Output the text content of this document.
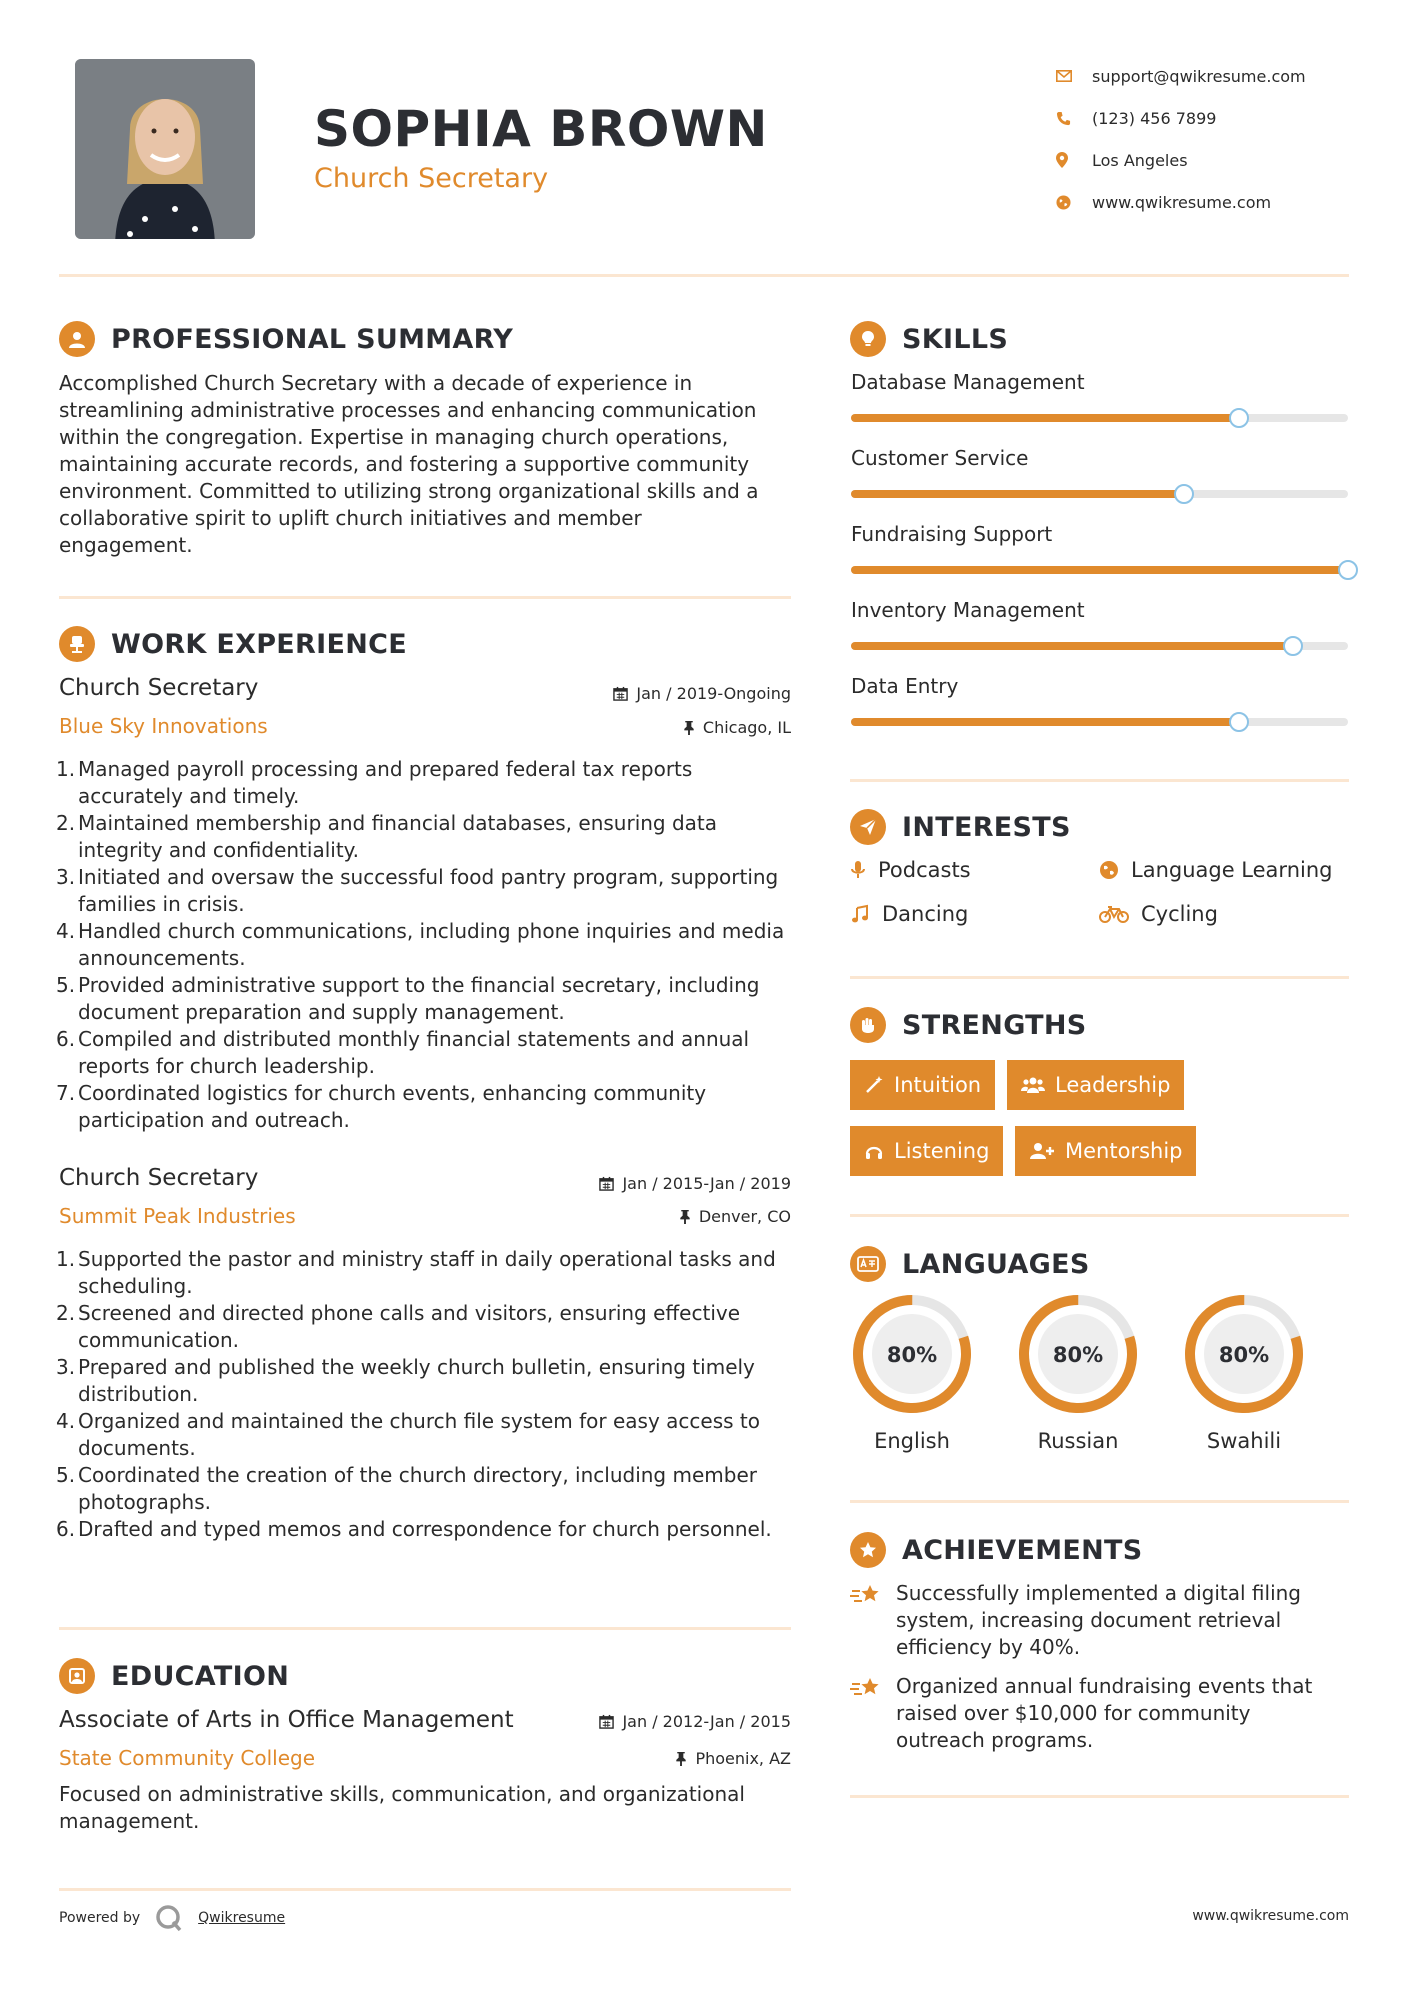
SOPHIA BROWN
Church Secretary
support@qwikresume.com
(123) 456 7899
Los Angeles
www.qwikresume.com
PROFESSIONAL SUMMARY
Accomplished Church Secretary with a decade of experience in streamlining administrative processes and enhancing communication within the congregation. Expertise in managing church operations, maintaining accurate records, and fostering a supportive community environment. Committed to utilizing strong organizational skills and a collaborative spirit to uplift church initiatives and member engagement.
WORK EXPERIENCE
Church Secretary	Jan / 2019-Ongoing
Blue Sky Innovations	Chicago, IL
Managed payroll processing and prepared federal tax reports accurately and timely.
Maintained membership and financial databases, ensuring data integrity and confidentiality.
Initiated and oversaw the successful food pantry program, supporting families in crisis.
Handled church communications, including phone inquiries and media announcements.
Provided administrative support to the financial secretary, including document preparation and supply management.
Compiled and distributed monthly financial statements and annual reports for church leadership.
Coordinated logistics for church events, enhancing community participation and outreach.
Church Secretary	Jan / 2015-Jan / 2019
Summit Peak Industries	Denver, CO
Supported the pastor and ministry staff in daily operational tasks and scheduling.
Screened and directed phone calls and visitors, ensuring effective communication.
Prepared and published the weekly church bulletin, ensuring timely distribution.
Organized and maintained the church file system for easy access to documents.
Coordinated the creation of the church directory, including member photographs.
Drafted and typed memos and correspondence for church personnel.
EDUCATION
Associate of Arts in Office Management	Jan / 2012-Jan / 2015
State Community College	Phoenix, AZ
Focused on administrative skills, communication, and organizational management.
SKILLS
Database Management
Customer Service
Fundraising Support
Inventory Management
Data Entry
INTERESTS
Podcasts	Language Learning
Dancing	Cycling
STRENGTHS
Intuition	Leadership
Listening	Mentorship
LANGUAGES
80%
English
80%
Russian
80%
Swahili
ACHIEVEMENTS
Successfully implemented a digital filing system, increasing document retrieval efficiency by 40%.
Organized annual fundraising events that raised over $10,000 for community outreach programs.
Powered by	Qwikresume	www.qwikresume.com
